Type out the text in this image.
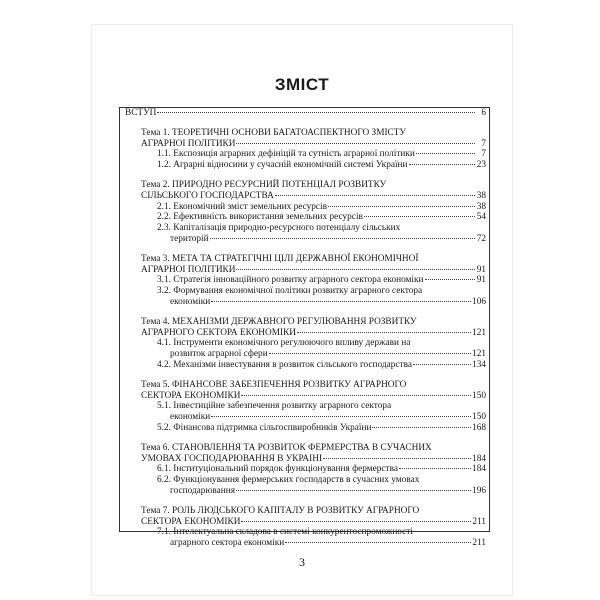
ЗМІСТ
ВСТУП	6
Тема 1. ТЕОРЕТИЧНІ ОСНОВИ БАГАТОАСПЕКТНОГО ЗМІСТУ
АГРАРНОЇ ПОЛІТИКИ	7
1.1. Експозиція аграрних дефініцій та сутність аграрної політики	7
1.2. Аграрні відносини у сучасній економічній системі України	23
Тема 2. ПРИРОДНО РЕСУРСНИЙ ПОТЕНЦІАЛ РОЗВИТКУ
СІЛЬСЬКОГО ГОСПОДАРСТВА	38
2.1. Економічний зміст земельних ресурсів	38
2.2. Ефективність використання земельних ресурсів	54
2.3. Капіталізація природно-ресурсного потенціалу сільських
територій	72
Тема 3. МЕТА ТА СТРАТЕГІЧНІ ЦІЛІ ДЕРЖАВНОЇ ЕКОНОМІЧНОЇ
АГРАРНОЇ ПОЛІТИКИ	91
3.1. Стратегія інноваційного розвитку аграрного сектора економіки	91
3.2. Формування економічної політики розвитку аграрного сектора
економіки	106
Тема 4. МЕХАНІЗМИ ДЕРЖАВНОГО РЕГУЛЮВАННЯ РОЗВИТКУ
АГРАРНОГО СЕКТОРА ЕКОНОМІКИ	121
4.1. Інструменти економічного регулюючого впливу держави на
розвиток аграрної сфери	121
4.2. Механізми інвестування в розвиток сільського господарства	134
Тема 5. ФІНАНСОВЕ ЗАБЕЗПЕЧЕННЯ РОЗВИТКУ АГРАРНОГО
СЕКТОРА ЕКОНОМІКИ	150
5.1. Інвестиційне забезпечення розвитку аграрного сектора
економіки	150
5.2. Фінансова підтримка сільгоспвиробників України	168
Тема 6. СТАНОВЛЕННЯ ТА РОЗВИТОК ФЕРМЕРСТВА В СУЧАСНИХ
УМОВАХ ГОСПОДАРЮВАННЯ В УКРАЇНІ	184
6.1. Інституціональний порядок функціонування фермерства	184
6.2. Функціонування фермерських господарств в сучасних умовах
господарювання	196
Тема 7. РОЛЬ ЛЮДСЬКОГО КАПІТАЛУ В РОЗВИТКУ АГРАРНОГО
СЕКТОРА ЕКОНОМІКИ	211
7.1. Інтелектуальна складова в системі конкурентоспроможності
аграрного сектора економіки	211
3
